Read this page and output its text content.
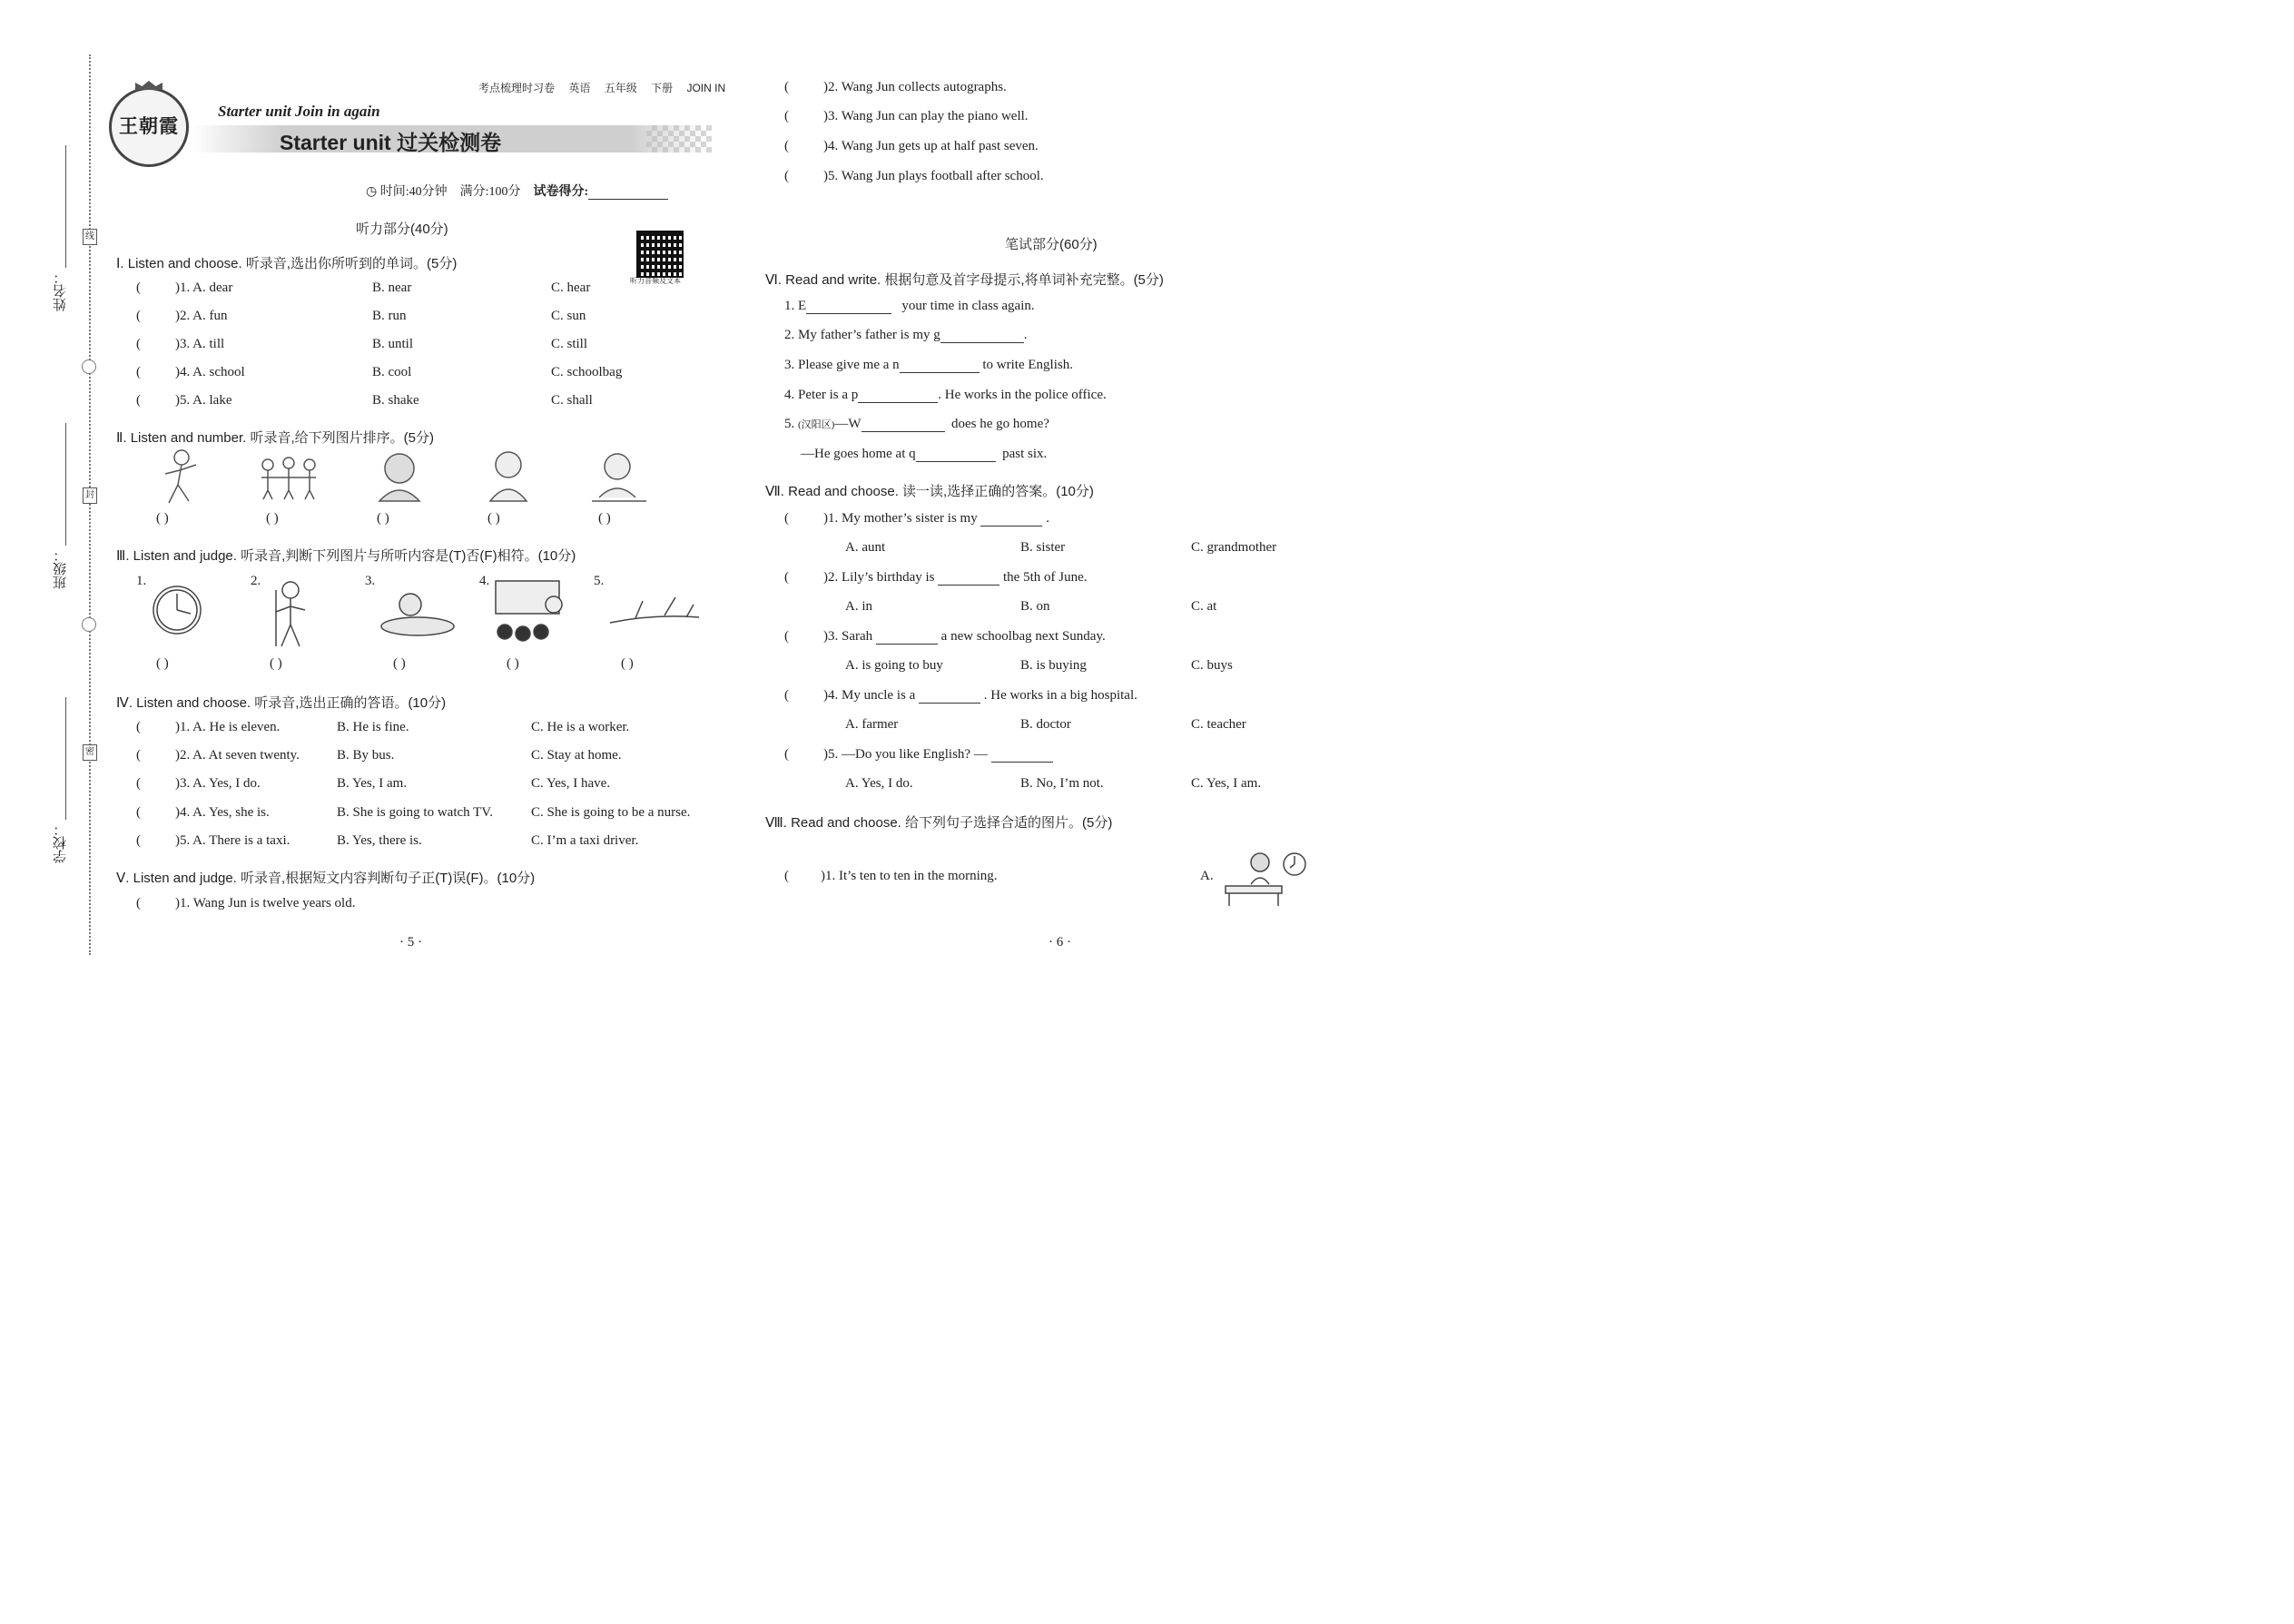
姓名：
班级：
学校：
线
封
密
王朝霞
考点梳理时习卷 英语 五年级 下册 JOIN IN
Starter unit Join in again
Starter unit 过关检测卷
◷ 时间:40分钟 满分:100分 试卷得分:
听力部分(40分)
听力音频及文本
Ⅰ. Listen and choose. 听录音,选出你所听到的单词。(5分)
(	)1. A. dear	B. near	C. hear
(	)2. A. fun	B. run	C. sun
(	)3. A. till	B. until	C. still
(	)4. A. school	B. cool	C. schoolbag
(	)5. A. lake	B. shake	C. shall
Ⅱ. Listen and number. 听录音,给下列图片排序。(5分)
( )	( )	( )	( )	( )
Ⅲ. Listen and judge. 听录音,判断下列图片与所听内容是(T)否(F)相符。(10分)
1.	2.	3.	4.	5.
( )	( )	( )	( )	( )
Ⅳ. Listen and choose. 听录音,选出正确的答语。(10分)
(	)1. A. He is eleven.	B. He is fine.	C. He is a worker.
(	)2. A. At seven twenty.	B. By bus.	C. Stay at home.
(	)3. A. Yes, I do.	B. Yes, I am.	C. Yes, I have.
(	)4. A. Yes, she is.	B. She is going to watch TV.	C. She is going to be a nurse.
(	)5. A. There is a taxi.	B. Yes, there is.	C. I’m a taxi driver.
Ⅴ. Listen and judge. 听录音,根据短文内容判断句子正(T)误(F)。(10分)
(	)1. Wang Jun is twelve years old.
(	)2. Wang Jun collects autographs.
(	)3. Wang Jun can play the piano well.
(	)4. Wang Jun gets up at half past seven.
(	)5. Wang Jun plays football after school.
· 5 ·
笔试部分(60分)
Ⅵ. Read and write. 根据句意及首字母提示,将单词补充完整。(5分)
1. E	your time in class again.
2. My father’s father is my g	.
3. Please give me a n	to write English.
4. Peter is a p	. He works in the police office.
5. (汉阳区)—W	does he go home?
—He goes home at q	past six.
Ⅶ. Read and choose. 读一读,选择正确的答案。(10分)
(	)1. My mother’s sister is my	.
A. aunt	B. sister	C. grandmother
(	)2. Lily’s birthday is	the 5th of June.
A. in	B. on	C. at
(	)3. Sarah	a new schoolbag next Sunday.
A. is going to buy	B. is buying	C. buys
(	)4. My uncle is a	. He works in a big hospital.
A. farmer	B. doctor	C. teacher
(	)5. —Do you like English? —
A. Yes, I do.	B. No, I’m not.	C. Yes, I am.
Ⅷ. Read and choose. 给下列句子选择合适的图片。(5分)
( )1. It’s ten to ten in the morning.	A.
· 6 ·
